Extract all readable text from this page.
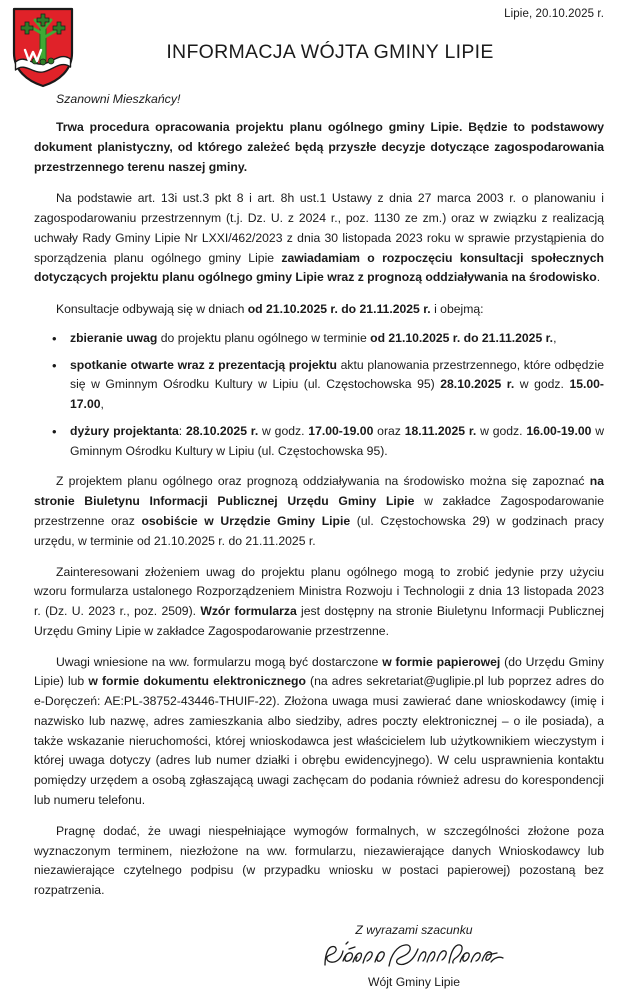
Lipie, 20.10.2025 r.
INFORMACJA WÓJTA GMINY LIPIE
Szanowni Mieszkańcy!

Trwa procedura opracowania projektu planu ogólnego gminy Lipie. Będzie to podstawowy dokument planistyczny, od którego zależeć będą przyszłe decyzje dotyczące zagospodarowania przestrzennego terenu naszej gminy.

Na podstawie art. 13i ust.3 pkt 8 i art. 8h ust.1 Ustawy z dnia 27 marca 2003 r. o planowaniu i zagospodarowaniu przestrzennym (t.j. Dz. U. z 2024 r., poz. 1130 ze zm.) oraz w związku z realizacją uchwały Rady Gminy Lipie Nr LXXI/462/2023 z dnia 30 listopada 2023 roku w sprawie przystąpienia do sporządzenia planu ogólnego gminy Lipie zawiadamiam o rozpoczęciu konsultacji społecznych dotyczących projektu planu ogólnego gminy Lipie wraz z prognozą oddziaływania na środowisko.

Konsultacje odbywają się w dniach od 21.10.2025 r. do 21.11.2025 r. i obejmą:

• zbieranie uwag do projektu planu ogólnego w terminie od 21.10.2025 r. do 21.11.2025 r.,
• spotkanie otwarte wraz z prezentacją projektu aktu planowania przestrzennego, które odbędzie się w Gminnym Ośrodku Kultury w Lipiu (ul. Częstochowska 95) 28.10.2025 r. w godz. 15.00-17.00,
• dyżury projektanta: 28.10.2025 r. w godz. 17.00-19.00 oraz 18.11.2025 r. w godz. 16.00-19.00 w Gminnym Ośrodku Kultury w Lipiu (ul. Częstochowska 95).

Z projektem planu ogólnego oraz prognozą oddziaływania na środowisko można się zapoznać na stronie Biuletynu Informacji Publicznej Urzędu Gminy Lipie w zakładce Zagospodarowanie przestrzenne oraz osobiście w Urzędzie Gminy Lipie (ul. Częstochowska 29) w godzinach pracy urzędu, w terminie od 21.10.2025 r. do 21.11.2025 r.

Zainteresowani złożeniem uwag do projektu planu ogólnego mogą to zrobić jedynie przy użyciu wzoru formularza ustalonego Rozporządzeniem Ministra Rozwoju i Technologii z dnia 13 listopada 2023 r. (Dz. U. 2023 r., poz. 2509). Wzór formularza jest dostępny na stronie Biuletynu Informacji Publicznej Urzędu Gminy Lipie w zakładce Zagospodarowanie przestrzenne.

Uwagi wniesione na ww. formularzu mogą być dostarczone w formie papierowej (do Urzędu Gminy Lipie) lub w formie dokumentu elektronicznego (na adres sekretariat@uglipie.pl lub poprzez adres do e-Doręczeń: AE:PL-38752-43446-THUIF-22). Złożona uwaga musi zawierać dane wnioskodawcy (imię i nazwisko lub nazwę, adres zamieszkania albo siedziby, adres poczty elektronicznej – o ile posiada), a także wskazanie nieruchomości, której wnioskodawca jest właścicielem lub użytkownikiem wieczystym i której uwaga dotyczy (adres lub numer działki i obrębu ewidencyjnego). W celu usprawnienia kontaktu pomiędzy urzędem a osobą zgłaszającą uwagi zachęcam do podania również adresu do korespondencji lub numeru telefonu.

Pragnę dodać, że uwagi niespełniające wymogów formalnych, w szczególności złożone poza wyznaczonym terminem, niezłożone na ww. formularzu, niezawierające danych Wnioskodawcy lub niezawierające czytelnego podpisu (w przypadku wniosku w postaci papierowej) pozostaną bez rozpatrzenia.

Z wyrazami szacunku
Wójt Gminy Lipie
